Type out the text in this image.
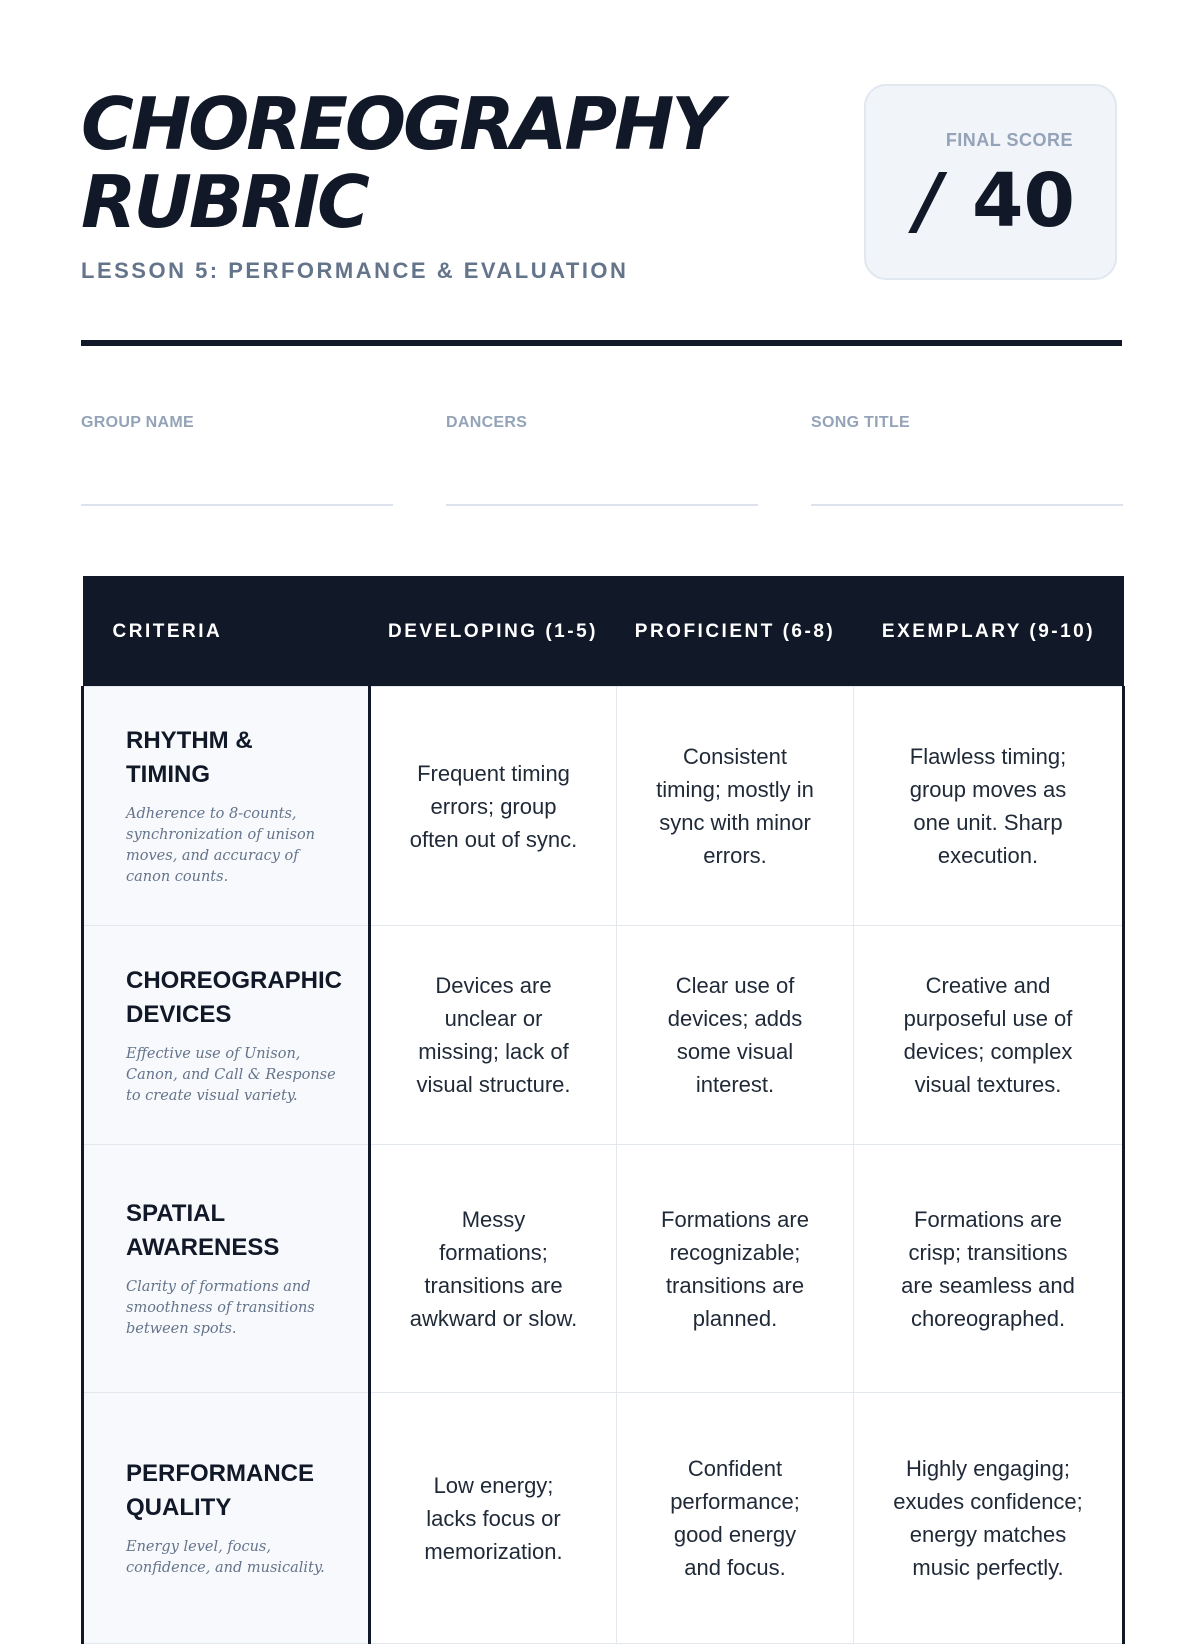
CHOREOGRAPHY RUBRIC
LESSON 5: PERFORMANCE & EVALUATION
FINAL SCORE
/ 40
GROUP NAME	DANCERS	SONG TITLE
CRITERIA	DEVELOPING (1-5)	PROFICIENT (6-8)	EXEMPLARY (9-10)

RHYTHM & TIMING
Adherence to 8-counts, synchronization of unison moves, and accuracy of canon counts.	Frequent timing errors; group often out of sync.	Consistent timing; mostly in sync with minor errors.	Flawless timing; group moves as one unit. Sharp execution.

CHOREOGRAPHIC DEVICES
Effective use of Unison, Canon, and Call & Response to create visual variety.	Devices are unclear or missing; lack of visual structure.	Clear use of devices; adds some visual interest.	Creative and purposeful use of devices; complex visual textures.

SPATIAL AWARENESS
Clarity of formations and smoothness of transitions between spots.	Messy formations; transitions are awkward or slow.	Formations are recognizable; transitions are planned.	Formations are crisp; transitions are seamless and choreographed.

PERFORMANCE QUALITY
Energy level, focus, confidence, and musicality.	Low energy; lacks focus or memorization.	Confident performance; good energy and focus.	Highly engaging; exudes confidence; energy matches music perfectly.
